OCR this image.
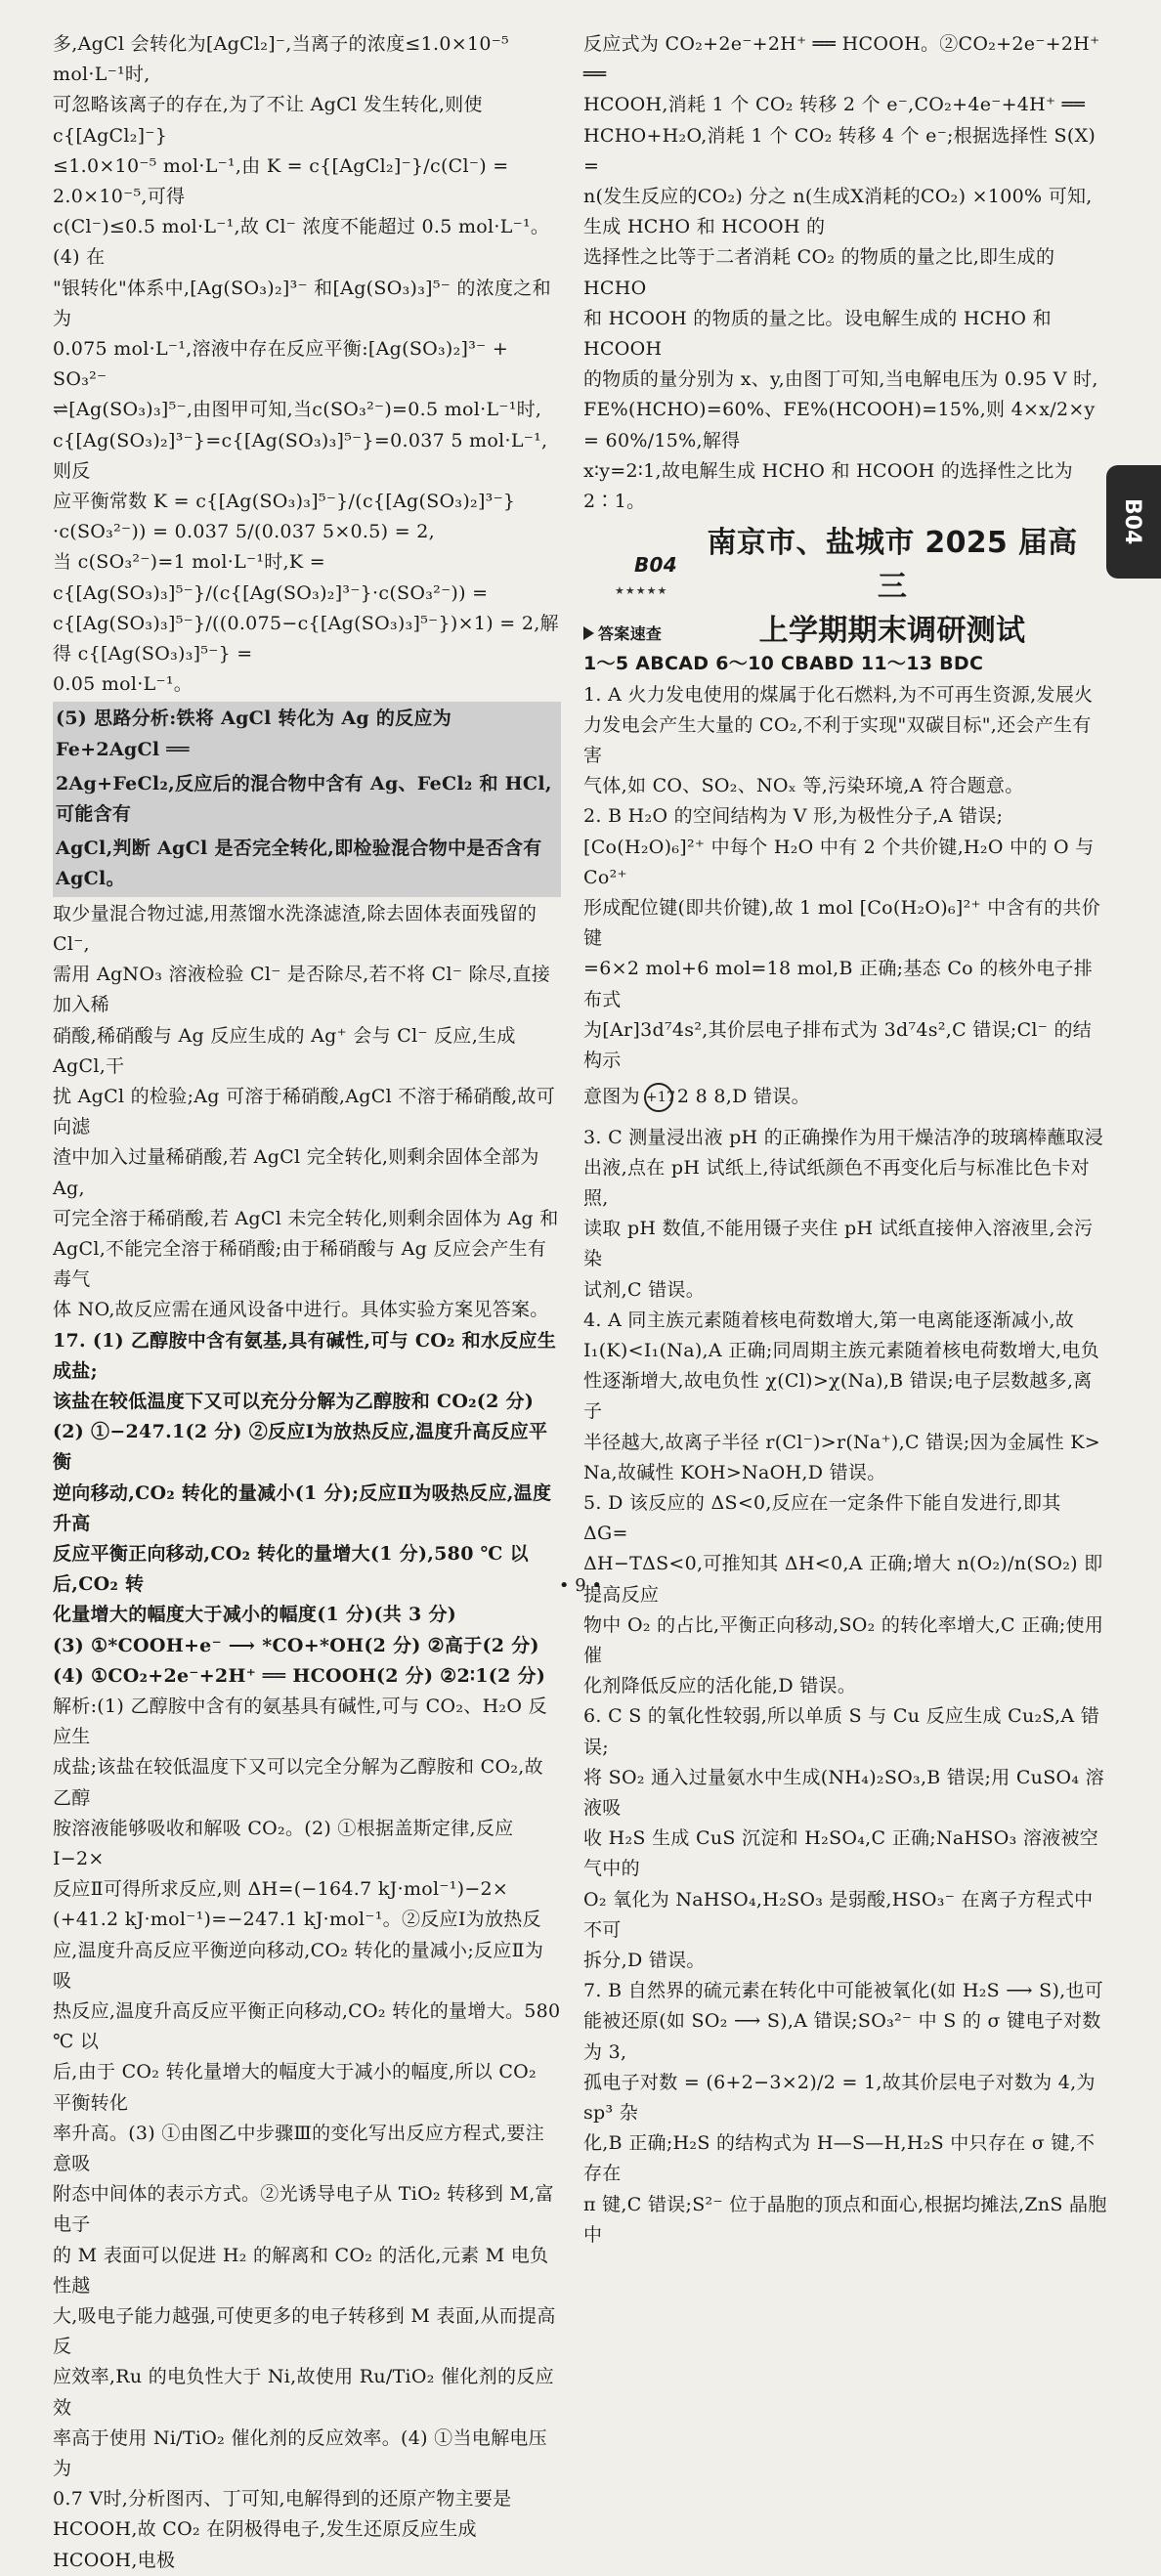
多,AgCl 会转化为[AgCl₂]⁻,当离子的浓度≤1.0×10⁻⁵ mol·L⁻¹时,

可忽略该离子的存在,为了不让 AgCl 发生转化,则使c{[AgCl₂]⁻}

≤1.0×10⁻⁵ mol·L⁻¹,由 K = c{[AgCl₂]⁻}/c(Cl⁻) = 2.0×10⁻⁵,可得

c(Cl⁻)≤0.5 mol·L⁻¹,故 Cl⁻ 浓度不能超过 0.5 mol·L⁻¹。(4) 在

"银转化"体系中,[Ag(SO₃)₂]³⁻ 和[Ag(SO₃)₃]⁵⁻ 的浓度之和为

0.075 mol·L⁻¹,溶液中存在反应平衡:[Ag(SO₃)₂]³⁻ + SO₃²⁻

⇌[Ag(SO₃)₃]⁵⁻,由图甲可知,当c(SO₃²⁻)=0.5 mol·L⁻¹时,

c{[Ag(SO₃)₂]³⁻}=c{[Ag(SO₃)₃]⁵⁻}=0.037 5 mol·L⁻¹,则反

应平衡常数 K = c{[Ag(SO₃)₃]⁵⁻}/(c{[Ag(SO₃)₂]³⁻}·c(SO₃²⁻)) = 0.037 5/(0.037 5×0.5) = 2,

当 c(SO₃²⁻)=1 mol·L⁻¹时,K = c{[Ag(SO₃)₃]⁵⁻}/(c{[Ag(SO₃)₂]³⁻}·c(SO₃²⁻)) =

c{[Ag(SO₃)₃]⁵⁻}/((0.075−c{[Ag(SO₃)₃]⁵⁻})×1) = 2,解得 c{[Ag(SO₃)₃]⁵⁻} =

0.05 mol·L⁻¹。

(5) 思路分析:铁将 AgCl 转化为 Ag 的反应为 Fe+2AgCl ══

2Ag+FeCl₂,反应后的混合物中含有 Ag、FeCl₂ 和 HCl,可能含有

AgCl,判断 AgCl 是否完全转化,即检验混合物中是否含有 AgCl。

取少量混合物过滤,用蒸馏水洗涤滤渣,除去固体表面残留的 Cl⁻,

需用 AgNO₃ 溶液检验 Cl⁻ 是否除尽,若不将 Cl⁻ 除尽,直接加入稀

硝酸,稀硝酸与 Ag 反应生成的 Ag⁺ 会与 Cl⁻ 反应,生成 AgCl,干

扰 AgCl 的检验;Ag 可溶于稀硝酸,AgCl 不溶于稀硝酸,故可向滤

渣中加入过量稀硝酸,若 AgCl 完全转化,则剩余固体全部为 Ag,

可完全溶于稀硝酸,若 AgCl 未完全转化,则剩余固体为 Ag 和

AgCl,不能完全溶于稀硝酸;由于稀硝酸与 Ag 反应会产生有毒气

体 NO,故反应需在通风设备中进行。具体实验方案见答案。

17. (1) 乙醇胺中含有氨基,具有碱性,可与 CO₂ 和水反应生成盐;

该盐在较低温度下又可以充分分解为乙醇胺和 CO₂(2 分)

(2) ①−247.1(2 分) ②反应Ⅰ为放热反应,温度升高反应平衡

逆向移动,CO₂ 转化的量减小(1 分);反应Ⅱ为吸热反应,温度升高

反应平衡正向移动,CO₂ 转化的量增大(1 分),580 ℃ 以后,CO₂ 转

化量增大的幅度大于减小的幅度(1 分)(共 3 分)

(3) ①*COOH+e⁻ ⟶ *CO+*OH(2 分) ②高于(2 分)

(4) ①CO₂+2e⁻+2H⁺ ══ HCOOH(2 分) ②2∶1(2 分)

解析:(1) 乙醇胺中含有的氨基具有碱性,可与 CO₂、H₂O 反应生

成盐;该盐在较低温度下又可以完全分解为乙醇胺和 CO₂,故乙醇

胺溶液能够吸收和解吸 CO₂。(2) ①根据盖斯定律,反应Ⅰ−2×

反应Ⅱ可得所求反应,则 ΔH=(−164.7 kJ·mol⁻¹)−2×

(+41.2 kJ·mol⁻¹)=−247.1 kJ·mol⁻¹。②反应Ⅰ为放热反

应,温度升高反应平衡逆向移动,CO₂ 转化的量减小;反应Ⅱ为吸

热反应,温度升高反应平衡正向移动,CO₂ 转化的量增大。580 ℃ 以

后,由于 CO₂ 转化量增大的幅度大于减小的幅度,所以 CO₂ 平衡转化

率升高。(3) ①由图乙中步骤Ⅲ的变化写出反应方程式,要注意吸

附态中间体的表示方式。②光诱导电子从 TiO₂ 转移到 M,富电子

的 M 表面可以促进 H₂ 的解离和 CO₂ 的活化,元素 M 电负性越

大,吸电子能力越强,可使更多的电子转移到 M 表面,从而提高反

应效率,Ru 的电负性大于 Ni,故使用 Ru/TiO₂ 催化剂的反应效

率高于使用 Ni/TiO₂ 催化剂的反应效率。(4) ①当电解电压为

0.7 V时,分析图丙、丁可知,电解得到的还原产物主要是

HCOOH,故 CO₂ 在阴极得电子,发生还原反应生成 HCOOH,电极

反应式为 CO₂+2e⁻+2H⁺ ══ HCOOH。②CO₂+2e⁻+2H⁺ ══

HCOOH,消耗 1 个 CO₂ 转移 2 个 e⁻,CO₂+4e⁻+4H⁺ ══

HCHO+H₂O,消耗 1 个 CO₂ 转移 4 个 e⁻;根据选择性 S(X) =

n(发生反应的CO₂) 分之 n(生成X消耗的CO₂) ×100% 可知,生成 HCHO 和 HCOOH 的

选择性之比等于二者消耗 CO₂ 的物质的量之比,即生成的 HCHO

和 HCOOH 的物质的量之比。设电解生成的 HCHO 和 HCOOH

的物质的量分别为 x、y,由图丁可知,当电解电压为 0.95 V 时,

FE%(HCHO)=60%、FE%(HCOOH)=15%,则 4×x/2×y = 60%/15%,解得

x∶y=2∶1,故电解生成 HCHO 和 HCOOH 的选择性之比为 2∶1。

B04
★★★★★
南京市、盐城市 2025 届高三
上学期期末调研测试

答案速查

1～5 ABCAD 6～10 CBABD 11～13 BDC

1. A 火力发电使用的煤属于化石燃料,为不可再生资源,发展火

力发电会产生大量的 CO₂,不利于实现"双碳目标",还会产生有害

气体,如 CO、SO₂、NOₓ 等,污染环境,A 符合题意。

2. B H₂O 的空间结构为 V 形,为极性分子,A 错误;

[Co(H₂O)₆]²⁺ 中每个 H₂O 中有 2 个共价键,H₂O 中的 O 与 Co²⁺

形成配位键(即共价键),故 1 mol [Co(H₂O)₆]²⁺ 中含有的共价键

=6×2 mol+6 mol=18 mol,B 正确;基态 Co 的核外电子排布式

为[Ar]3d⁷4s²,其价层电子排布式为 3d⁷4s²,C 错误;Cl⁻ 的结构示

意图为 +172 8 8,D 错误。

3. C 测量浸出液 pH 的正确操作为用干燥洁净的玻璃棒蘸取浸

出液,点在 pH 试纸上,待试纸颜色不再变化后与标准比色卡对照,

读取 pH 数值,不能用镊子夹住 pH 试纸直接伸入溶液里,会污染

试剂,C 错误。

4. A 同主族元素随着核电荷数增大,第一电离能逐渐减小,故

I₁(K)<I₁(Na),A 正确;同周期主族元素随着核电荷数增大,电负

性逐渐增大,故电负性 χ(Cl)>χ(Na),B 错误;电子层数越多,离子

半径越大,故离子半径 r(Cl⁻)>r(Na⁺),C 错误;因为金属性 K>

Na,故碱性 KOH>NaOH,D 错误。

5. D 该反应的 ΔS<0,反应在一定条件下能自发进行,即其 ΔG=

ΔH−TΔS<0,可推知其 ΔH<0,A 正确;增大 n(O₂)/n(SO₂) 即提高反应

物中 O₂ 的占比,平衡正向移动,SO₂ 的转化率增大,C 正确;使用催

化剂降低反应的活化能,D 错误。

6. C S 的氧化性较弱,所以单质 S 与 Cu 反应生成 Cu₂S,A 错误;

将 SO₂ 通入过量氨水中生成(NH₄)₂SO₃,B 错误;用 CuSO₄ 溶液吸

收 H₂S 生成 CuS 沉淀和 H₂SO₄,C 正确;NaHSO₃ 溶液被空气中的

O₂ 氧化为 NaHSO₄,H₂SO₃ 是弱酸,HSO₃⁻ 在离子方程式中不可

拆分,D 错误。

7. B 自然界的硫元素在转化中可能被氧化(如 H₂S ⟶ S),也可

能被还原(如 SO₂ ⟶ S),A 错误;SO₃²⁻ 中 S 的 σ 键电子对数为 3,

孤电子对数 = (6+2−3×2)/2 = 1,故其价层电子对数为 4,为 sp³ 杂

化,B 正确;H₂S 的结构式为 H—S—H,H₂S 中只存在 σ 键,不存在

π 键,C 错误;S²⁻ 位于晶胞的顶点和面心,根据均摊法,ZnS 晶胞中

B04
• 9 •
